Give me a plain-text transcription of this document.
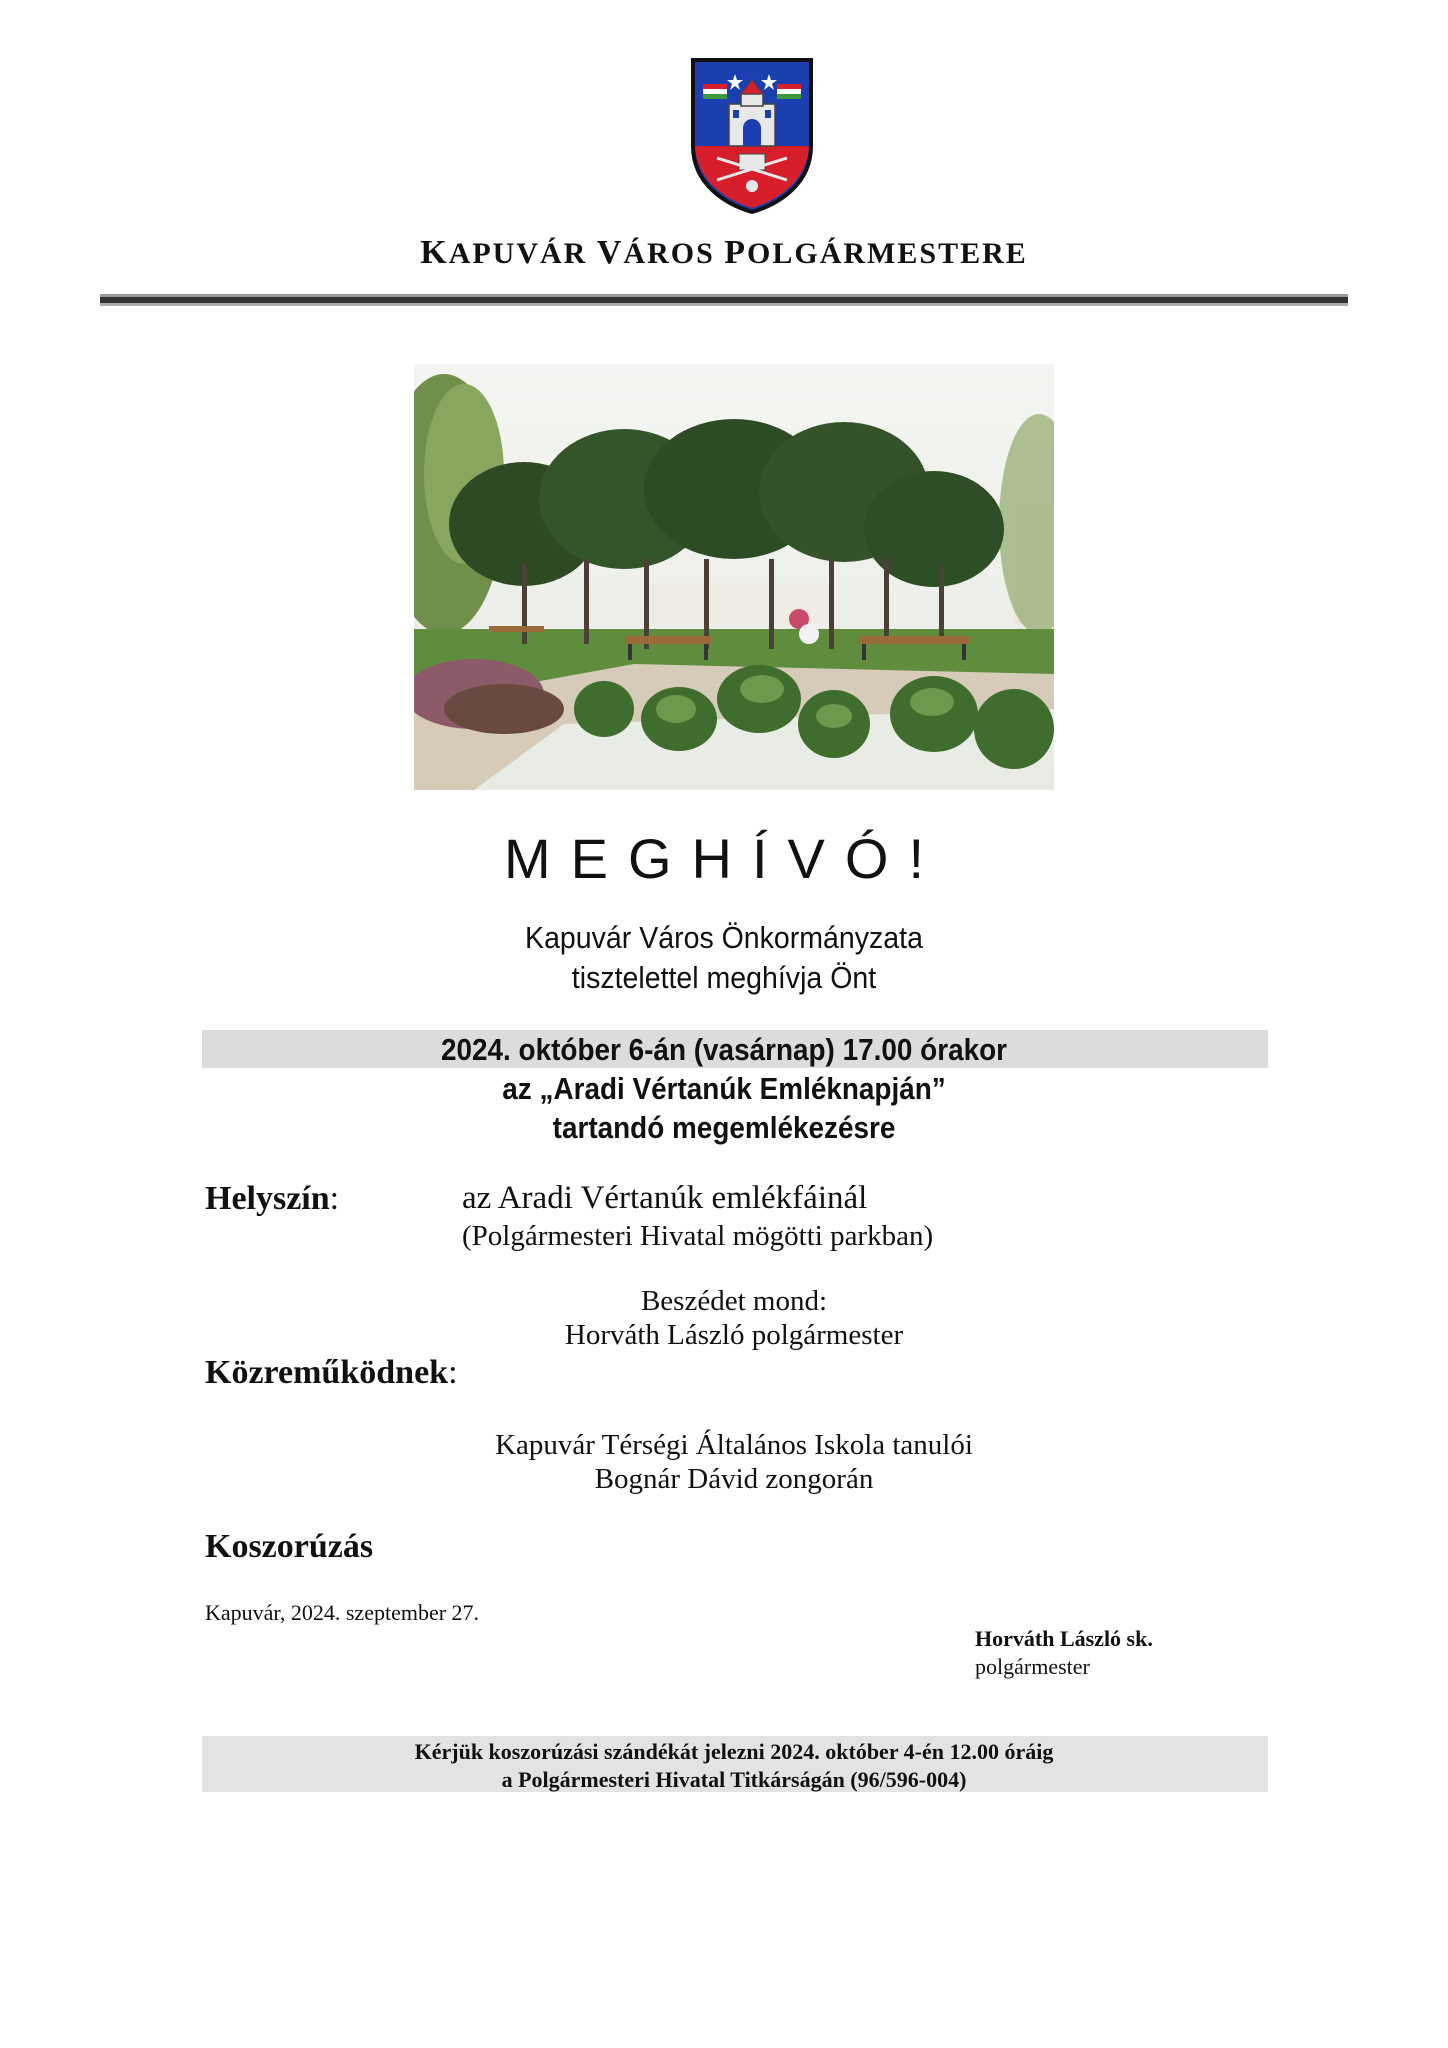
KAPUVÁR VÁROS POLGÁRMESTERE
MEGHÍVÓ!
Kapuvár Város Önkormányzata
tisztelettel meghívja Önt
2024. október 6-án (vasárnap) 17.00 órakor
az „Aradi Vértanúk Emléknapján”
tartandó megemlékezésre
Helyszín:	az Aradi Vértanúk emlékfáinál
(Polgármesteri Hivatal mögötti parkban)
Beszédet mond:
Horváth László polgármester
Közreműködnek:
Kapuvár Térségi Általános Iskola tanulói
Bognár Dávid zongorán
Koszorúzás
Kapuvár, 2024. szeptember 27.
Horváth László sk.
polgármester
Kérjük koszorúzási szándékát jelezni 2024. október 4-én 12.00 óráig
a Polgármesteri Hivatal Titkárságán (96/596-004)
